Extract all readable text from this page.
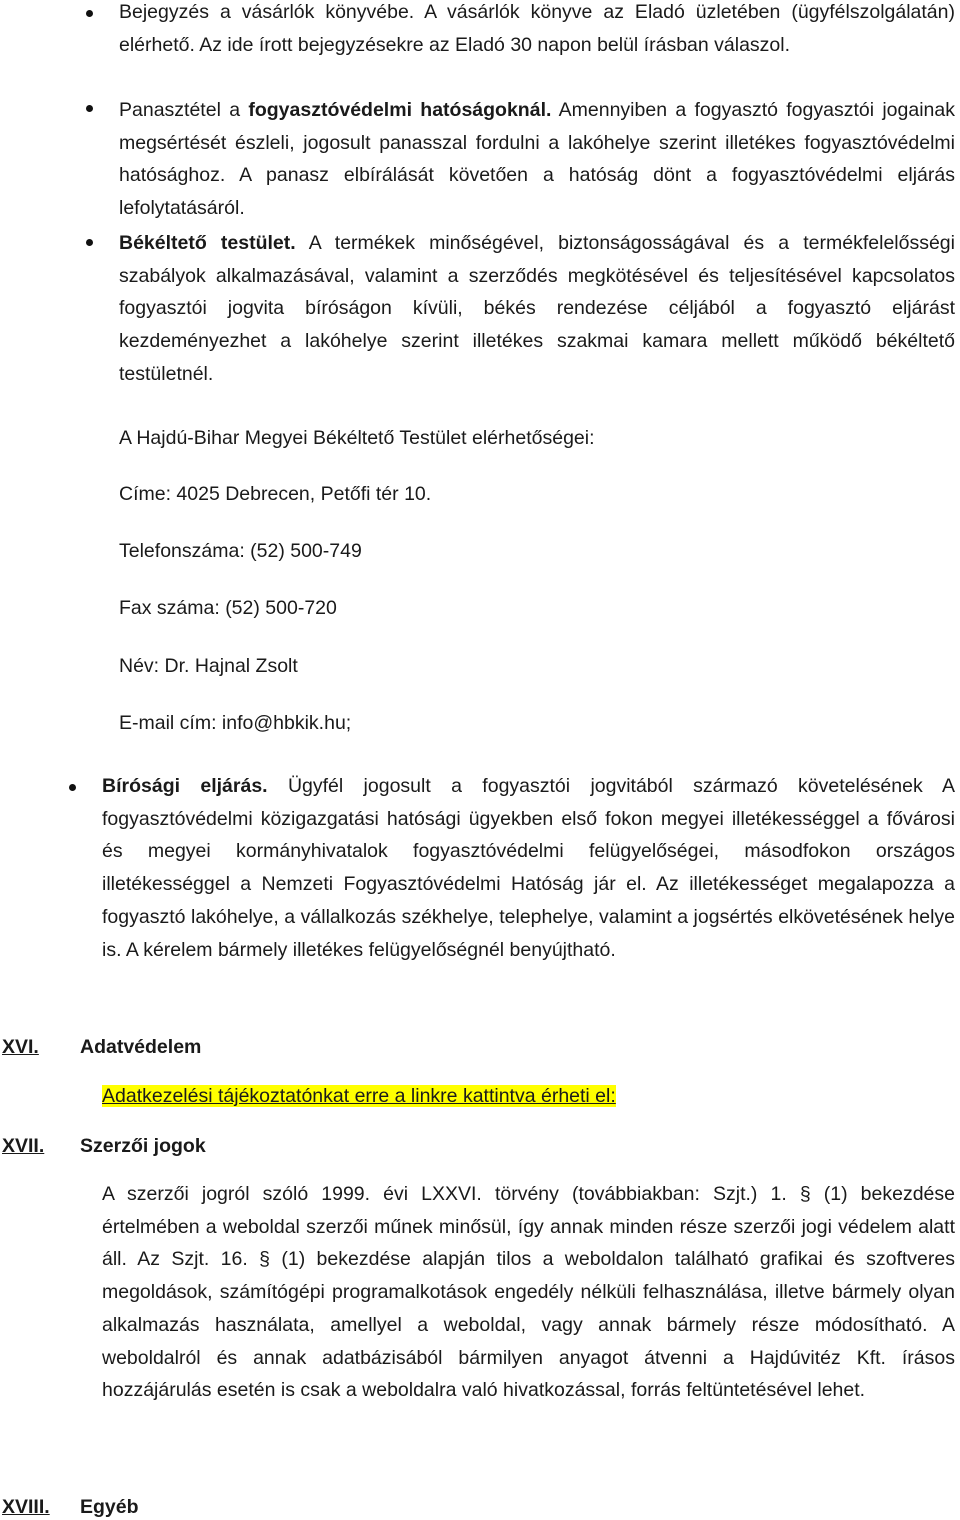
Bejegyzés a vásárlók könyvébe. A vásárlók könyve az Eladó üzletében (ügyfélszolgálatán) elérhető. Az ide írott bejegyzésekre az Eladó 30 napon belül írásban válaszol.
Panasztétel a fogyasztóvédelmi hatóságoknál. Amennyiben a fogyasztó fogyasztói jogainak megsértését észleli, jogosult panasszal fordulni a lakóhelye szerint illetékes fogyasztóvédelmi hatósághoz. A panasz elbírálását követően a hatóság dönt a fogyasztóvédelmi eljárás lefolytatásáról.
Békéltető testület. A termékek minőségével, biztonságosságával és a termékfelelősségi szabályok alkalmazásával, valamint a szerződés megkötésével és teljesítésével kapcsolatos fogyasztói jogvita bíróságon kívüli, békés rendezése céljából a fogyasztó eljárást kezdeményezhet a lakóhelye szerint illetékes szakmai kamara mellett működő békéltető testületnél.
A Hajdú-Bihar Megyei Békéltető Testület elérhetőségei:
Címe: 4025 Debrecen, Petőfi tér 10.
Telefonszáma: (52) 500-749
Fax száma: (52) 500-720
Név: Dr. Hajnal Zsolt
E-mail cím: info@hbkik.hu;
Bírósági eljárás. Ügyfél jogosult a fogyasztói jogvitából származó követelésének A fogyasztóvédelmi közigazgatási hatósági ügyekben első fokon megyei illetékességgel a fővárosi és megyei kormányhivatalok fogyasztóvédelmi felügyelőségei, másodfokon országos illetékességgel a Nemzeti Fogyasztóvédelmi Hatóság jár el. Az illetékességet megalapozza a fogyasztó lakóhelye, a vállalkozás székhelye, telephelye, valamint a jogsértés elkövetésének helye is. A kérelem bármely illetékes felügyelőségnél benyújtható.
XVI. Adatvédelem
Adatkezelési tájékoztatónkat erre a linkre kattintva érheti el:
XVII. Szerzői jogok
A szerzői jogról szóló 1999. évi LXXVI. törvény (továbbiakban: Szjt.) 1. § (1) bekezdése értelmében a weboldal szerzői műnek minősül, így annak minden része szerzői jogi védelem alatt áll. Az Szjt. 16. § (1) bekezdése alapján tilos a weboldalon található grafikai és szoftveres megoldások, számítógépi programalkotások engedély nélküli felhasználása, illetve bármely olyan alkalmazás használata, amellyel a weboldal, vagy annak bármely része módosítható. A weboldalról és annak adatbázisából bármilyen anyagot átvenni a Hajdúvitéz Kft. írásos hozzájárulás esetén is csak a weboldalra való hivatkozással, forrás feltüntetésével lehet.
XVIII. Egyéb
